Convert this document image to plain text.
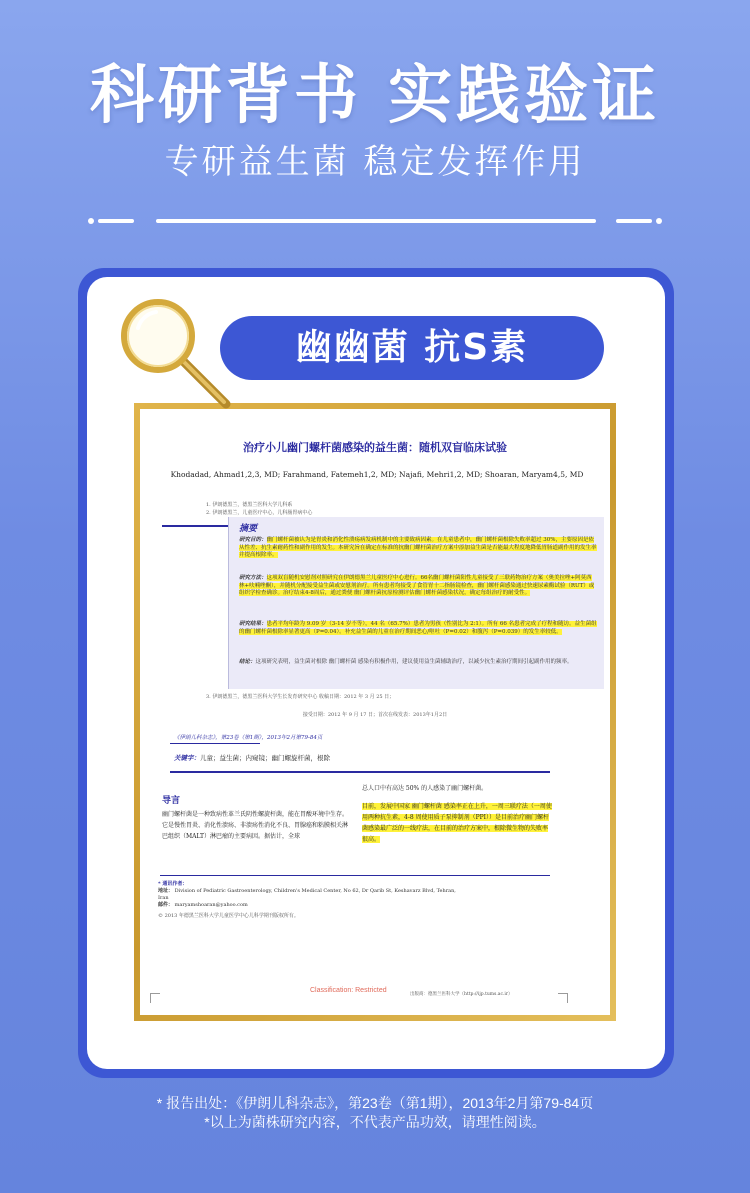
科研背书 实践验证
专研益生菌 稳定发挥作用
治疗小儿幽门螺杆菌感染的益生菌：随机双盲临床试验
Khodadad, Ahmad1,2,3, MD; Farahmand, Fatemeh1,2, MD; Najafi, Mehri1,2, MD; Shoaran, Maryam4,5, MD
1. 伊朗德黑兰，德黑兰医科大学儿科系
2. 伊朗德黑兰，儿童医疗中心，儿科肠胃病中心
摘要
研究目的：幽门螺杆菌被认为是胃炎和消化性溃疡病发病机制中的主要致病因素。在儿童患者中，幽门螺杆菌根除失败率超过 30%，主要原因是依从性差、抗生素耐药性和副作用的发生。本研究旨在确定在标准的抗幽门螺杆菌治疗方案中添加益生菌是否能最大程度地降低胃肠道副作用的发生率并提高根除率。
研究方法：这项双盲随机安慰剂对照研究在伊朗德黑兰儿童医疗中心进行。66名幽门螺杆菌阳性儿童接受了三联药物治疗方案（奥美拉唑+阿莫西林+呋喃唑酮），并随机分配接受益生菌或安慰剂治疗。所有患者均接受了食管胃十二指肠镜检查，幽门螺杆菌感染通过快速尿素酶试验（RUT）或组织学检查确诊。治疗结束4-8周后，通过粪便 幽门螺杆菌抗原检测评估幽门螺杆菌感染状况，确定每组治疗的耐受性。
研究结果：患者平均年龄为 9.09 岁（3-14 岁不等），44 名（65.7%）患者为男孩（性别比为 2:1）。所有 66 名患者完成了疗程和随访。益生菌组的幽门螺杆菌根除率显著更高（P=0.04）。补充益生菌的儿童在治疗期间恶心/呕吐（P=0.02）和腹泻（P=0.039）的发生率较低。
结论：这项研究表明，益生菌对根除 幽门螺杆菌 感染有积极作用，建议使用益生菌辅助治疗，以减少抗生素治疗期间引起副作用的频率。
3. 伊朗德黑兰，德黑兰医科大学生长发育研究中心 收稿日期：2012 年 3 月 25 日；
接受日期：2012 年 9 月 17 日；首次在线发表：2013年1月2日
《伊朗儿科杂志》，第23卷（第1期），2013年2月第79-84页
关键字：儿童；益生菌；内窥镜；幽门螺旋杆菌，根除
导言
幽门螺杆菌是一种致病性革兰氏阴性螺旋杆菌，能在胃酸环境中生存。它是慢性胃炎、消化性溃疡、非溃疡性消化不良、胃腺癌和粘膜相关淋巴组织（MALT）淋巴瘤的主要病因。据估计，全球
总人口中有高达 50% 的人感染了幽门螺杆菌。
目前，发展中国家 幽门螺杆菌 感染率正在上升，一周三联疗法（一周使用两种抗生素，4-8 周使用质子泵抑制剂（PPI））是目前治疗幽门螺杆菌感染最广泛的一线疗法，在目前的治疗方案中，根除微生物的失败率很高。
* 通讯作者：
地址： Division of Pediatric Gastroenterology, Children's Medical Center, No 62, Dr Qarib St, Keshavarz Blvd, Tehran, Iran
邮件： maryamshoaran@yahoo.com
© 2013 年德黑兰医科大学儿童医学中心儿科学期刊版权所有。
Classification: Restricted
出版商：德黑兰医科大学（http://ijp.tums.ac.ir）
幽幽菌 抗S素
* 报告出处：《伊朗儿科杂志》，第23卷（第1期），2013年2月第79-84页
*以上为菌株研究内容，不代表产品功效，请理性阅读。
